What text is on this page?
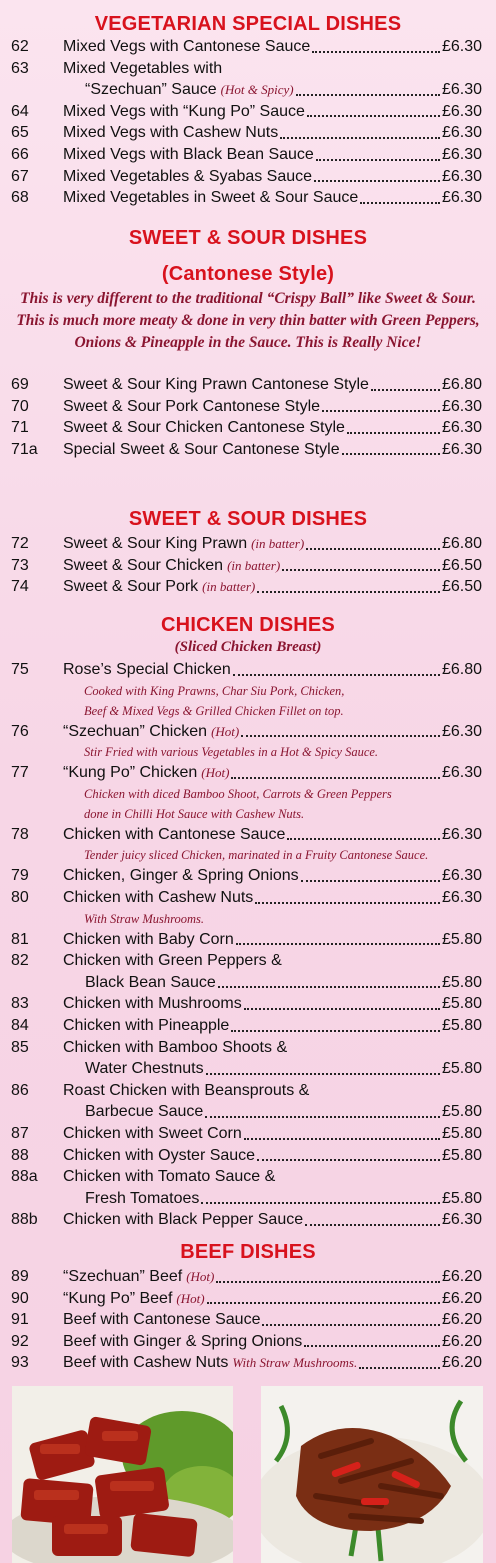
VEGETARIAN SPECIAL DISHES
62 Mixed Vegs with Cantonese Sauce	£6.30
63 Mixed Vegetables with
“Szechuan” Sauce (Hot & Spicy)	£6.30
64 Mixed Vegs with “Kung Po” Sauce	£6.30
65 Mixed Vegs with Cashew Nuts	£6.30
66 Mixed Vegs with Black Bean Sauce	£6.30
67 Mixed Vegetables & Syabas Sauce	£6.30
68 Mixed Vegetables in Sweet & Sour Sauce	£6.30
SWEET & SOUR DISHES
(Cantonese Style)
This is very different to the traditional “Crispy Ball” like Sweet & Sour. This is much more meaty & done in very thin batter with Green Peppers, Onions & Pineapple in the Sauce. This is Really Nice!
69 Sweet & Sour King Prawn Cantonese Style	£6.80
70 Sweet & Sour Pork Cantonese Style	£6.30
71 Sweet & Sour Chicken Cantonese Style	£6.30
71a Special Sweet & Sour Cantonese Style	£6.30
SWEET & SOUR DISHES
72 Sweet & Sour King Prawn (in batter)	£6.80
73 Sweet & Sour Chicken (in batter)	£6.50
74 Sweet & Sour Pork (in batter)	£6.50
CHICKEN DISHES
(Sliced Chicken Breast)
75 Rose’s Special Chicken	£6.80
Cooked with King Prawns, Char Siu Pork, Chicken,
Beef & Mixed Vegs & Grilled Chicken Fillet on top.
76 “Szechuan” Chicken (Hot)	£6.30
Stir Fried with various Vegetables in a Hot & Spicy Sauce.
77 “Kung Po” Chicken (Hot)	£6.30
Chicken with diced Bamboo Shoot, Carrots & Green Peppers
done in Chilli Hot Sauce with Cashew Nuts.
78 Chicken with Cantonese Sauce	£6.30
Tender juicy sliced Chicken, marinated in a Fruity Cantonese Sauce.
79 Chicken, Ginger & Spring Onions	£6.30
80 Chicken with Cashew Nuts	£6.30
With Straw Mushrooms.
81 Chicken with Baby Corn	£5.80
82 Chicken with Green Peppers &
Black Bean Sauce	£5.80
83 Chicken with Mushrooms	£5.80
84 Chicken with Pineapple	£5.80
85 Chicken with Bamboo Shoots &
Water Chestnuts	£5.80
86 Roast Chicken with Beansprouts &
Barbecue Sauce	£5.80
87 Chicken with Sweet Corn	£5.80
88 Chicken with Oyster Sauce	£5.80
88a Chicken with Tomato Sauce &
Fresh Tomatoes	£5.80
88b Chicken with Black Pepper Sauce	£6.30
BEEF DISHES
89 “Szechuan” Beef (Hot)	£6.20
90 “Kung Po” Beef (Hot)	£6.20
91 Beef with Cantonese Sauce	£6.20
92 Beef with Ginger & Spring Onions	£6.20
93 Beef with Cashew Nuts With Straw Mushrooms.	£6.20
